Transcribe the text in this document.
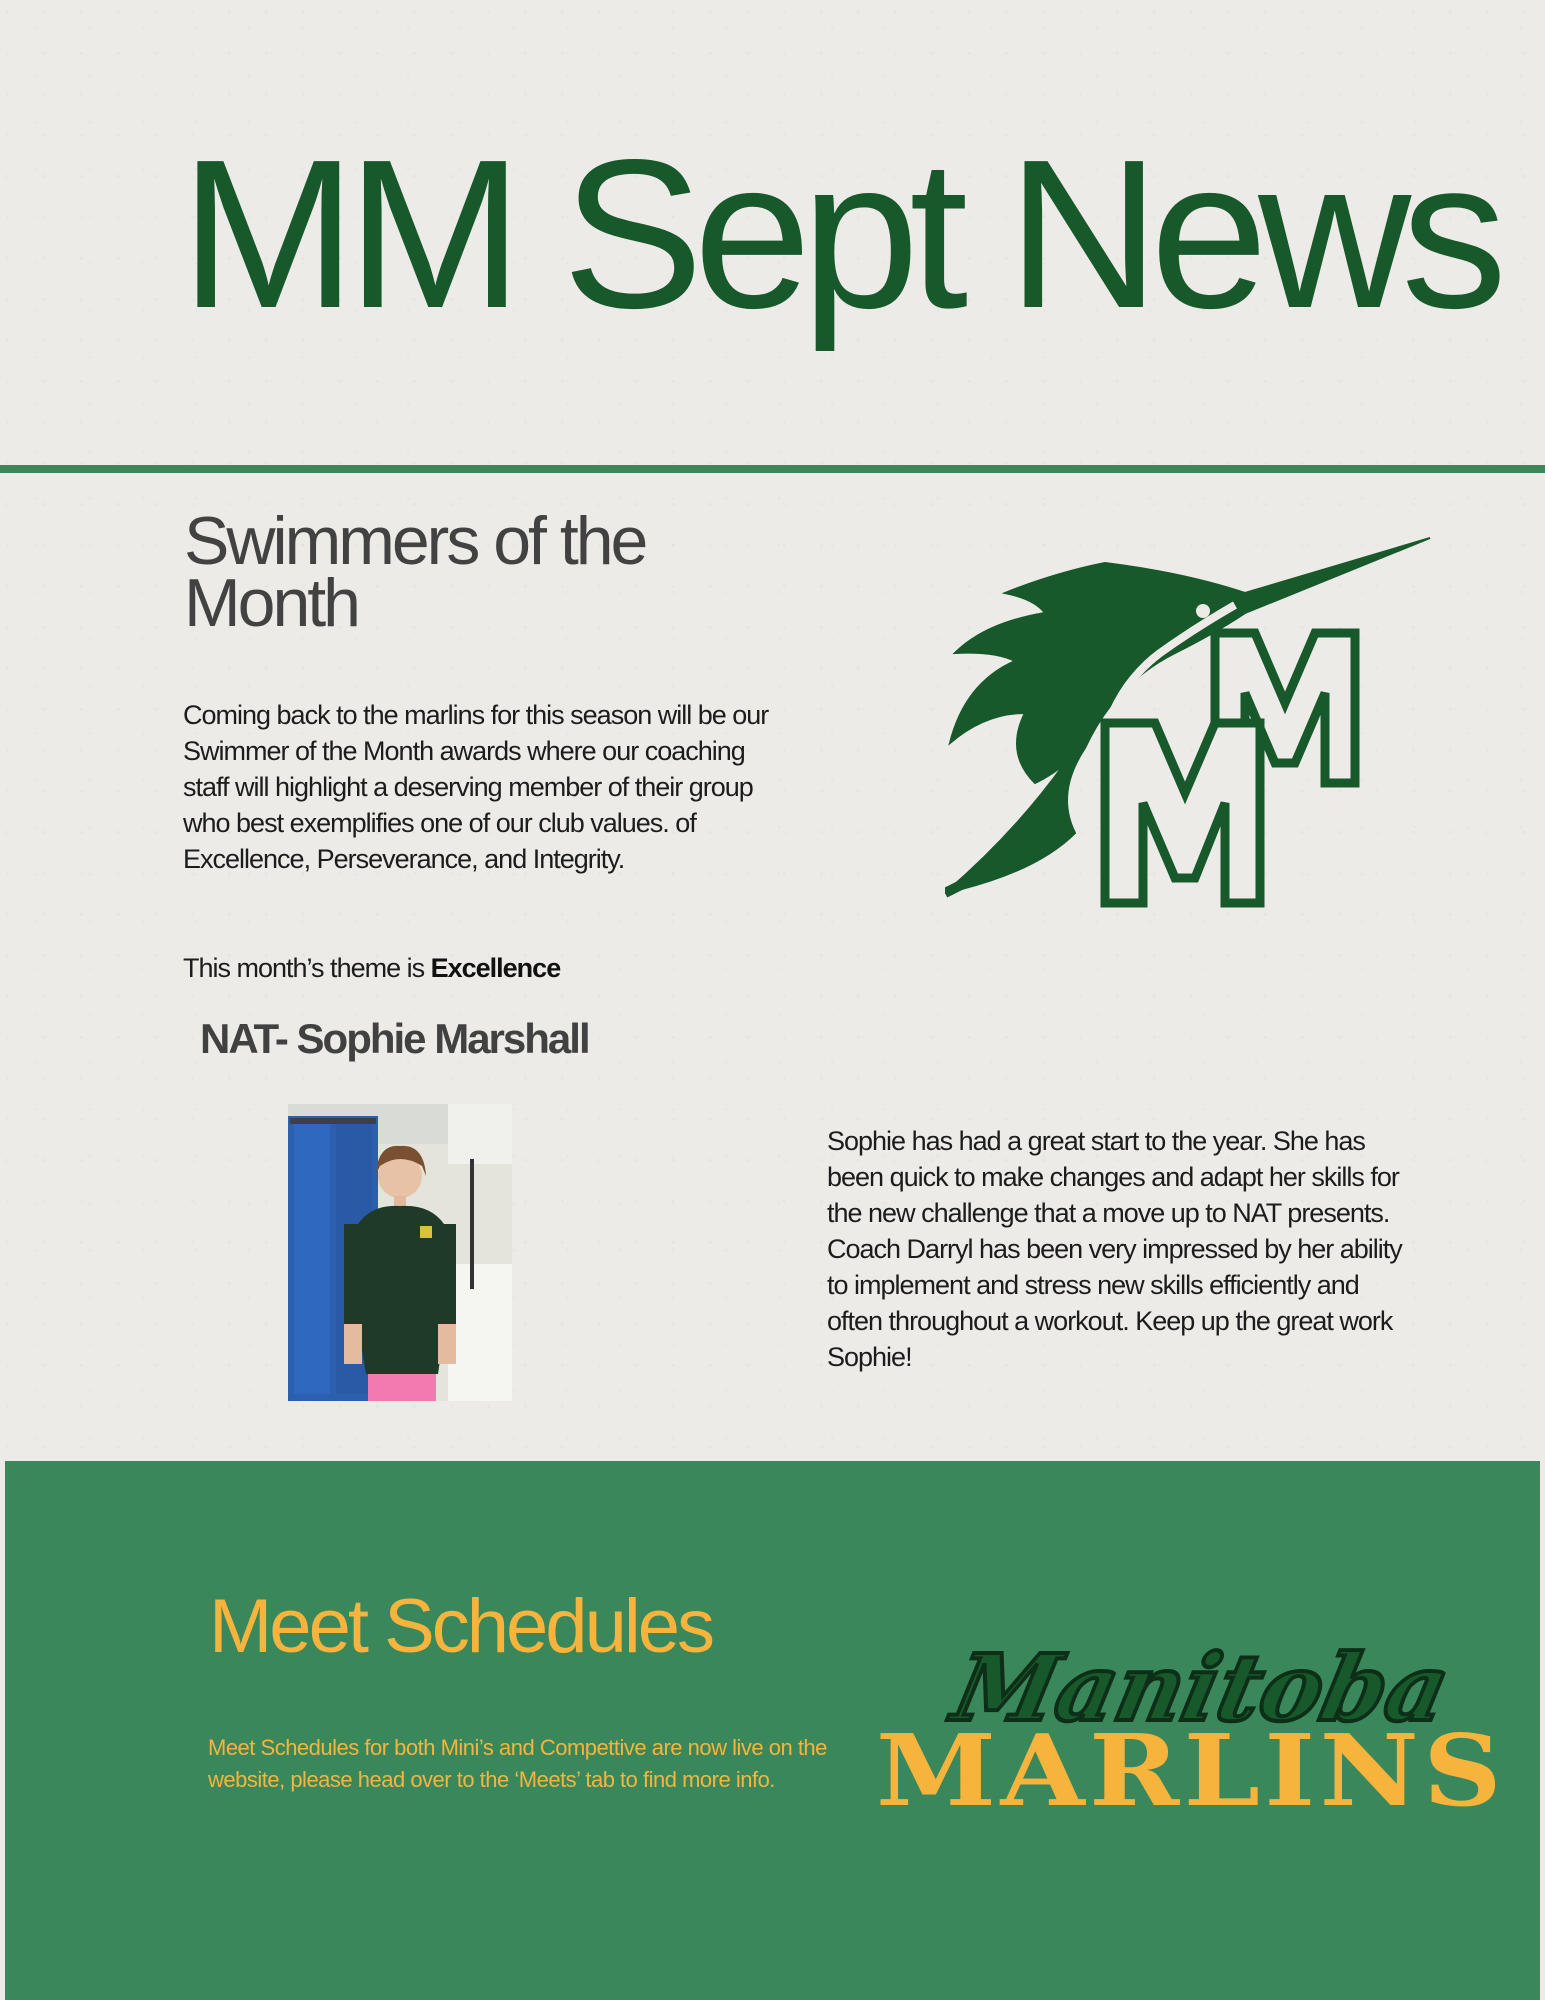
MM Sept News
Swimmers of the
Month

Coming back to the marlins for this season will be our Swimmer of the Month awards where our coaching staff will highlight a deserving member of their group who best exemplifies one of our club values. of Excellence, Perseverance, and Integrity.

This month’s theme is Excellence

NAT- Sophie Marshall

Sophie has had a great start to the year. She has been quick to make changes and adapt her skills for the new challenge that a move up to NAT presents. Coach Darryl has been very impressed by her ability to implement and stress new skills efficiently and often throughout a workout. Keep up the great work Sophie!

Meet Schedules

Meet Schedules for both Mini’s and Compettive are now live on the website, please head over to the ‘Meets’ tab to find more info.

Manitoba
MARLINS
